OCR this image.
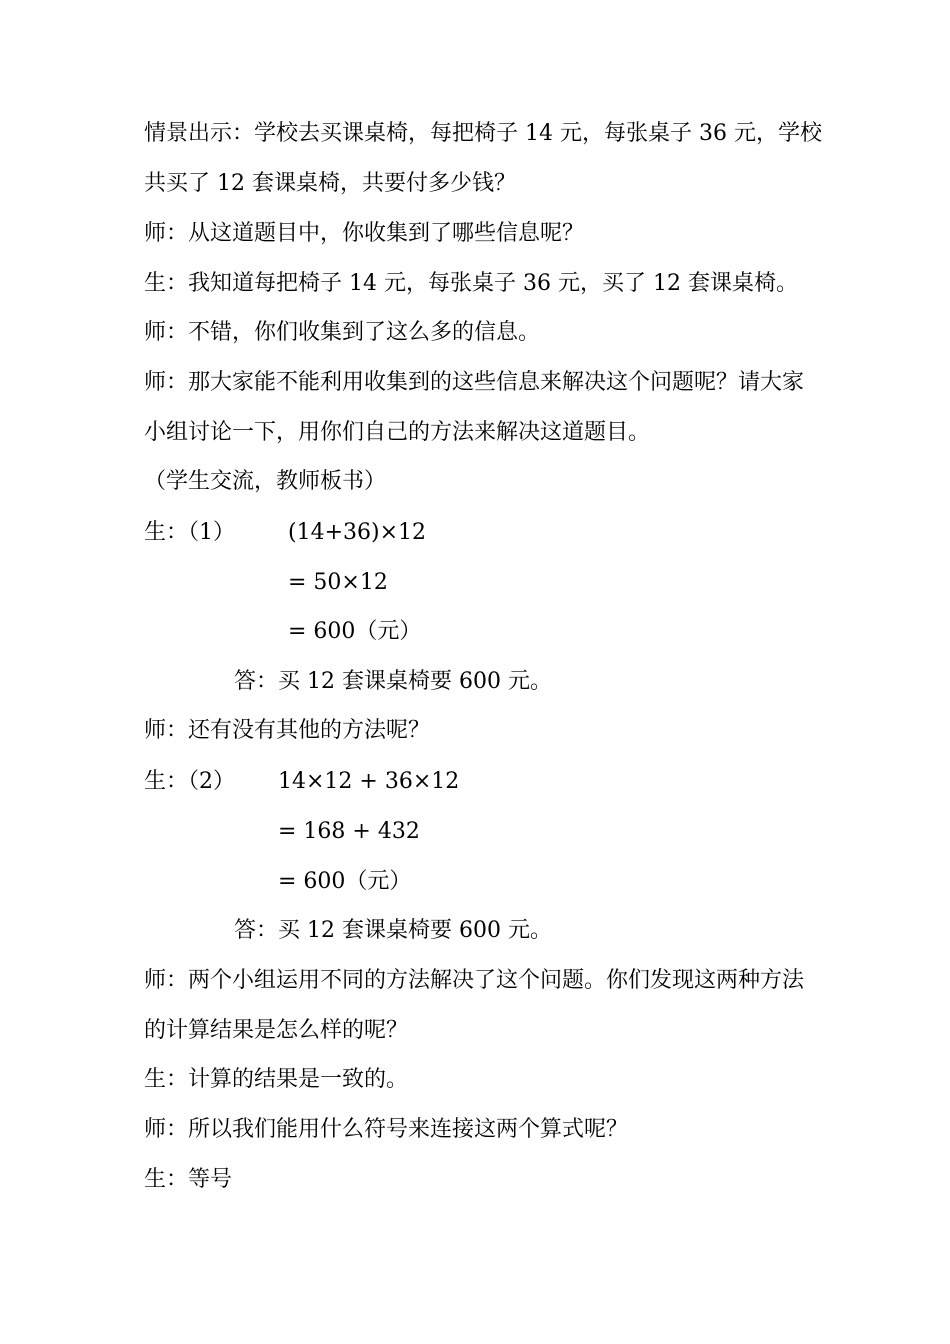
情景出示：学校去买课桌椅，每把椅子 14 元，每张桌子 36 元，学校
共买了 12 套课桌椅，共要付多少钱？
师：从这道题目中，你收集到了哪些信息呢？
生：我知道每把椅子 14 元，每张桌子 36 元，买了 12 套课桌椅。
师：不错，你们收集到了这么多的信息。
师：那大家能不能利用收集到的这些信息来解决这个问题呢？请大家
小组讨论一下，用你们自己的方法来解决这道题目。
（学生交流，教师板书）
生：（1） (14+36)×12
= 50×12
= 600（元）
答：买 12 套课桌椅要 600 元。
师：还有没有其他的方法呢？
生：（2） 14×12 + 36×12
= 168 + 432
= 600（元）
答：买 12 套课桌椅要 600 元。
师：两个小组运用不同的方法解决了这个问题。你们发现这两种方法
的计算结果是怎么样的呢？
生：计算的结果是一致的。
师：所以我们能用什么符号来连接这两个算式呢？
生：等号
